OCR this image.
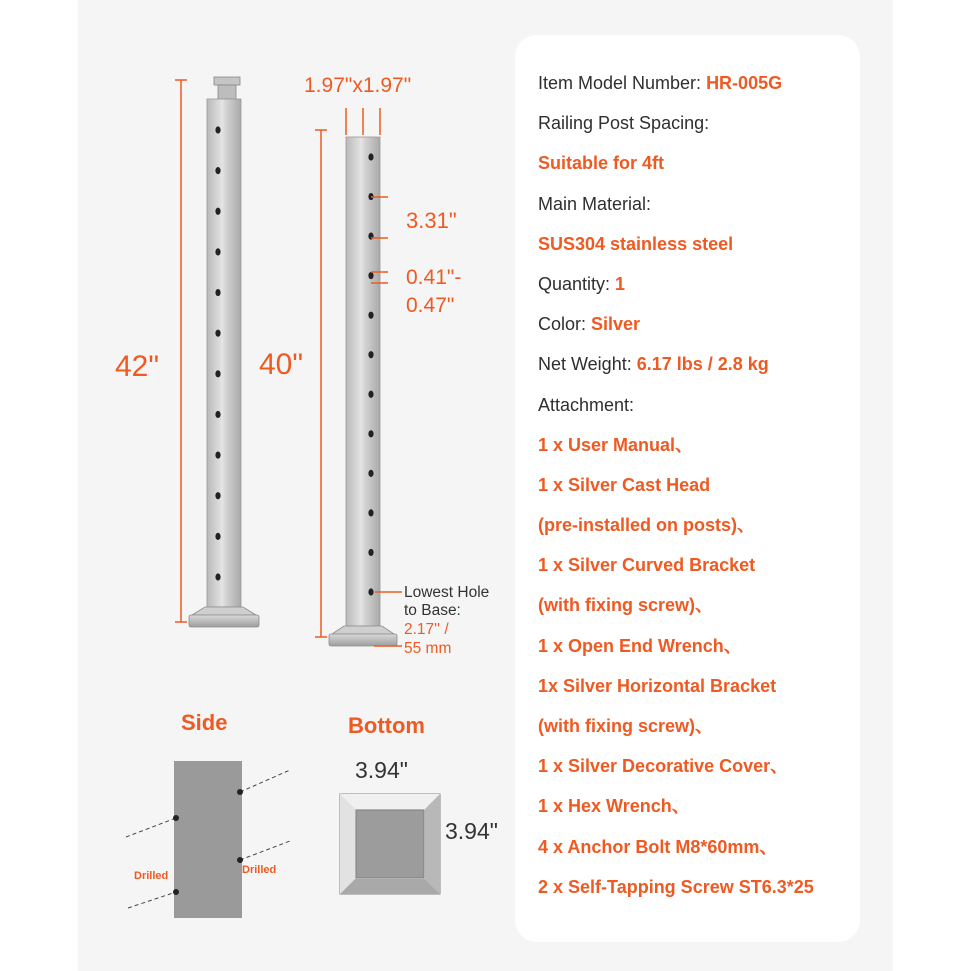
42"	40"
1.97"x1.97"
3.31"
0.41"-
0.47"
Lowest Hole
to Base:
2.17'' /
55 mm
Side
Drilled	Drilled
Bottom
3.94"
3.94"
Item Model Number: HR-005G
Railing Post Spacing:
Suitable for 4ft
Main Material:
SUS304 stainless steel
Quantity: 1
Color: Silver
Net Weight: 6.17 lbs / 2.8 kg
Attachment:
1 x User Manual、
1 x Silver Cast Head
(pre-installed on posts)、
1 x Silver Curved Bracket
(with fixing screw)、
1 x Open End Wrench、
1x Silver Horizontal Bracket
(with fixing screw)、
1 x Silver Decorative Cover、
1 x Hex Wrench、
4 x Anchor Bolt M8*60mm、
2 x Self-Tapping Screw ST6.3*25
